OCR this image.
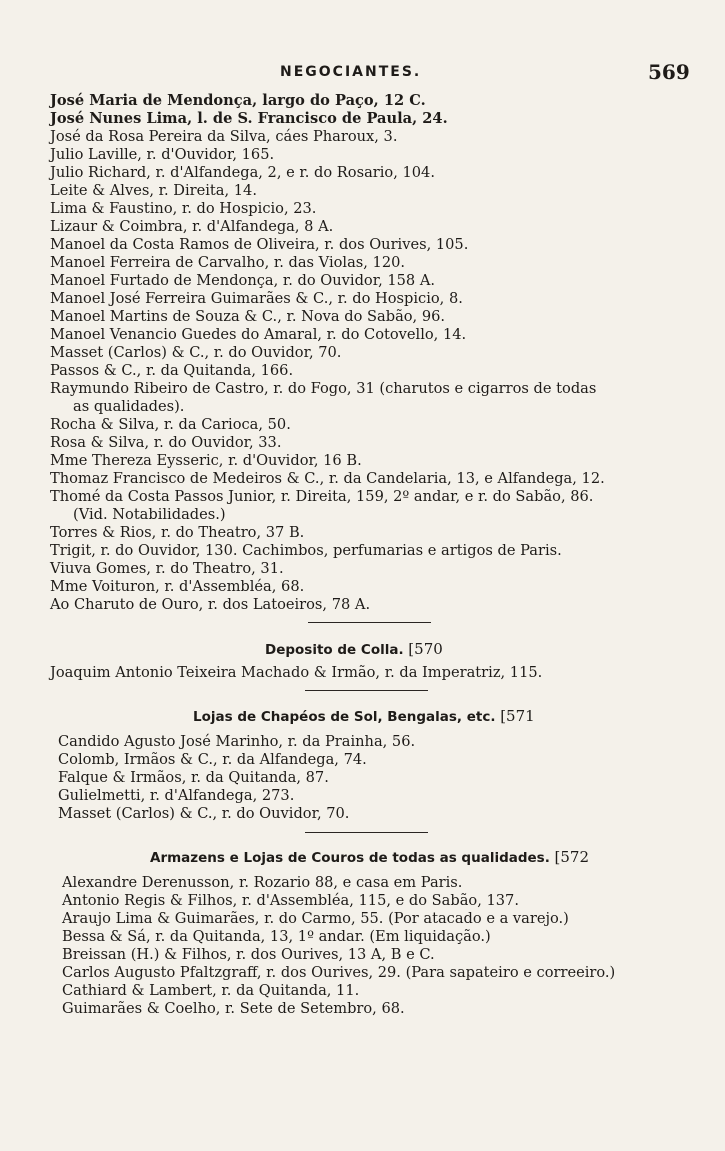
NEGOCIANTES.	569
José Maria de Mendonça, largo do Paço, 12 C.
José Nunes Lima, l. de S. Francisco de Paula, 24.
José da Rosa Pereira da Silva, cáes Pharoux, 3.
Julio Laville, r. d'Ouvidor, 165.
Julio Richard, r. d'Alfandega, 2, e r. do Rosario, 104.
Leite & Alves, r. Direita, 14.
Lima & Faustino, r. do Hospicio, 23.
Lizaur & Coimbra, r. d'Alfandega, 8 A.
Manoel da Costa Ramos de Oliveira, r. dos Ourives, 105.
Manoel Ferreira de Carvalho, r. das Violas, 120.
Manoel Furtado de Mendonça, r. do Ouvidor, 158 A.
Manoel José Ferreira Guimarães & C., r. do Hospicio, 8.
Manoel Martins de Souza & C., r. Nova do Sabão, 96.
Manoel Venancio Guedes do Amaral, r. do Cotovello, 14.
Masset (Carlos) & C., r. do Ouvidor, 70.
Passos & C., r. da Quitanda, 166.
Raymundo Ribeiro de Castro, r. do Fogo, 31 (charutos e cigarros de todas
as qualidades).
Rocha & Silva, r. da Carioca, 50.
Rosa & Silva, r. do Ouvidor, 33.
Mme Thereza Eysseric, r. d'Ouvidor, 16 B.
Thomaz Francisco de Medeiros & C., r. da Candelaria, 13, e Alfandega, 12.
Thomé da Costa Passos Junior, r. Direita, 159, 2º andar, e r. do Sabão, 86.
(Vid. Notabilidades.)
Torres & Rios, r. do Theatro, 37 B.
Trigit, r. do Ouvidor, 130. Cachimbos, perfumarias e artigos de Paris.
Viuva Gomes, r. do Theatro, 31.
Mme Voituron, r. d'Assembléa, 68.
Ao Charuto de Ouro, r. dos Latoeiros, 78 A.
Deposito de Colla. [570
Joaquim Antonio Teixeira Machado & Irmão, r. da Imperatriz, 115.
Lojas de Chapéos de Sol, Bengalas, etc. [571
Candido Agusto José Marinho, r. da Prainha, 56.
Colomb, Irmãos & C., r. da Alfandega, 74.
Falque & Irmãos, r. da Quitanda, 87.
Gulielmetti, r. d'Alfandega, 273.
Masset (Carlos) & C., r. do Ouvidor, 70.
Armazens e Lojas de Couros de todas as qualidades. [572
Alexandre Derenusson, r. Rozario 88, e casa em Paris.
Antonio Regis & Filhos, r. d'Assembléa, 115, e do Sabão, 137.
Araujo Lima & Guimarães, r. do Carmo, 55. (Por atacado e a varejo.)
Bessa & Sá, r. da Quitanda, 13, 1º andar. (Em liquidação.)
Breissan (H.) & Filhos, r. dos Ourives, 13 A, B e C.
Carlos Augusto Pfaltzgraff, r. dos Ourives, 29. (Para sapateiro e correeiro.)
Cathiard & Lambert, r. da Quitanda, 11.
Guimarães & Coelho, r. Sete de Setembro, 68.
